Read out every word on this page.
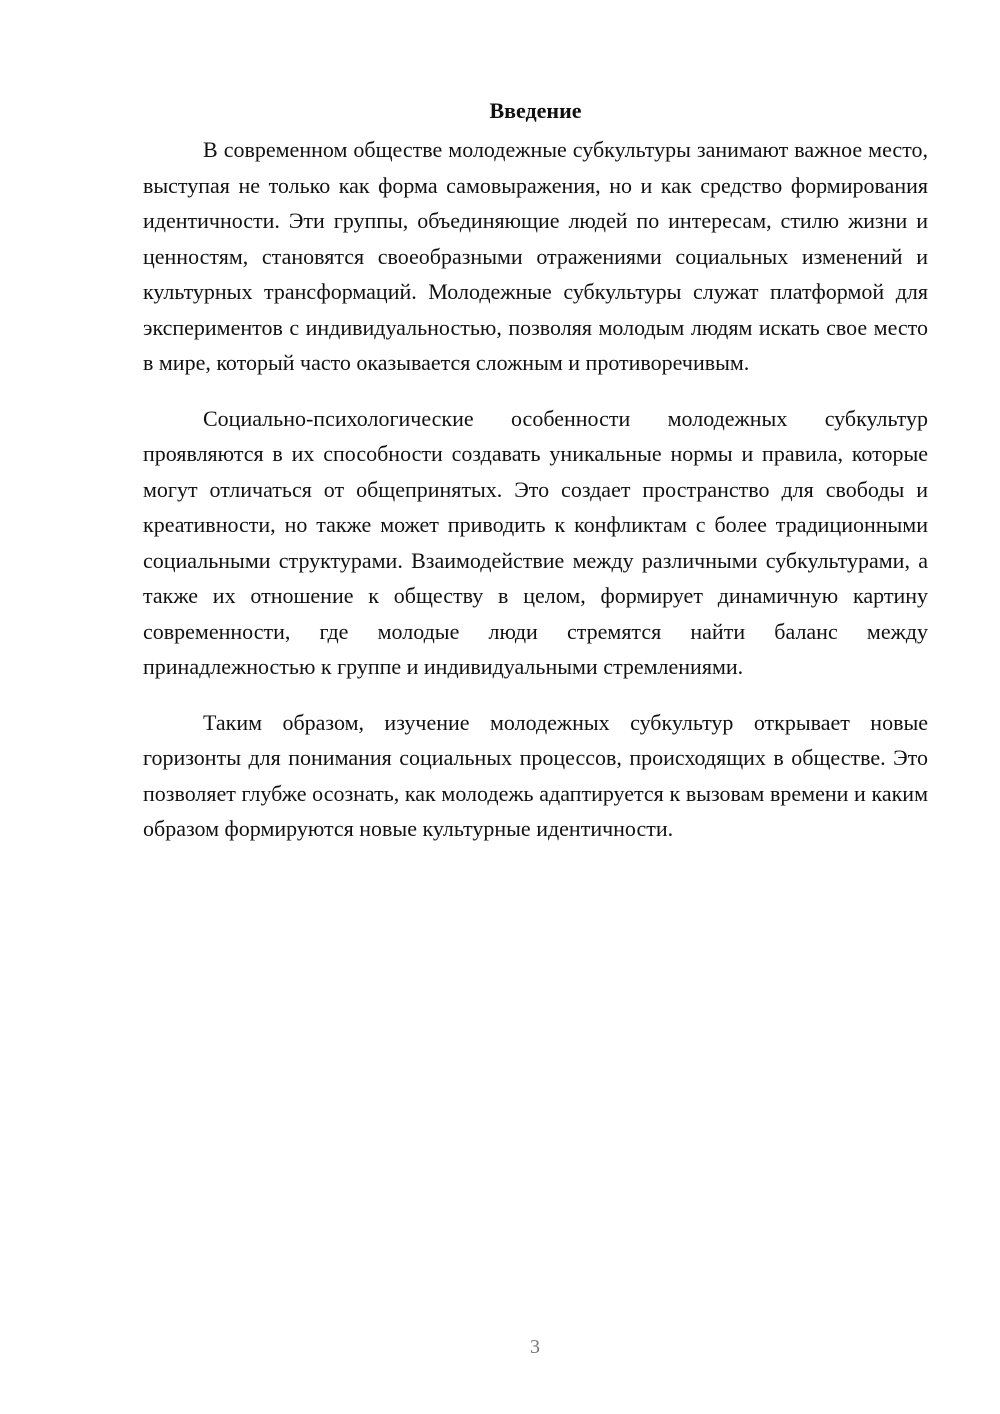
Введение

В современном обществе молодежные субкультуры занимают важное место, выступая не только как форма самовыражения, но и как средство формирования идентичности. Эти группы, объединяющие людей по интересам, стилю жизни и ценностям, становятся своеобразными отражениями социальных изменений и культурных трансформаций. Молодежные субкультуры служат платформой для экспериментов с индивидуальностью, позволяя молодым людям искать свое место в мире, который часто оказывается сложным и противоречивым.

Социально-психологические особенности молодежных субкультур проявляются в их способности создавать уникальные нормы и правила, которые могут отличаться от общепринятых. Это создает пространство для свободы и креативности, но также может приводить к конфликтам с более традиционными социальными структурами. Взаимодействие между различными субкультурами, а также их отношение к обществу в целом, формирует динамичную картину современности, где молодые люди стремятся найти баланс между принадлежностью к группе и индивидуальными стремлениями.

Таким образом, изучение молодежных субкультур открывает новые горизонты для понимания социальных процессов, происходящих в обществе. Это позволяет глубже осознать, как молодежь адаптируется к вызовам времени и каким образом формируются новые культурные идентичности.

3
